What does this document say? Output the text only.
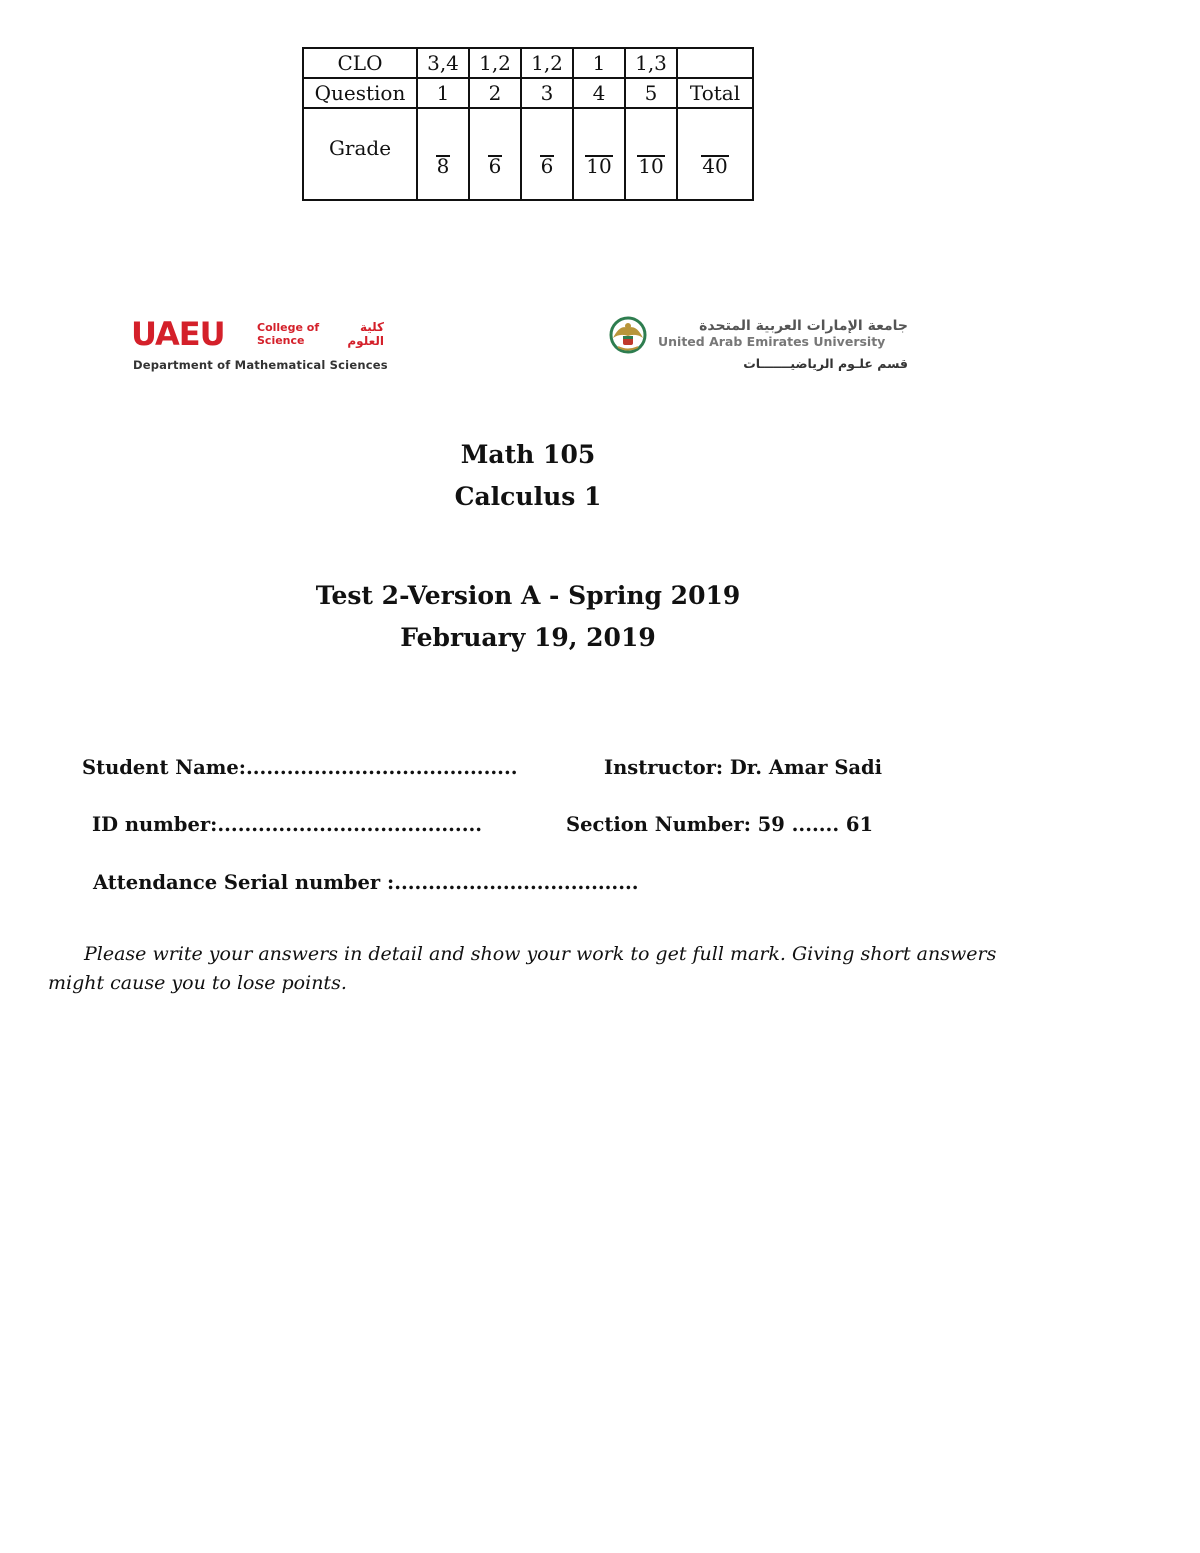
CLO	3,4	1,2	1,2	1	1,3	
Question	1	2	3	4	5	Total
Grade	8	6	6	10	10	40
UAEU	College of
Science
كلية
العلوم
Department of Mathematical Sciences
جامعة الإمارات العربية المتحدة
United Arab Emirates University
قسم علـوم الرياضيـــــــات
Math 105
Calculus 1
Test 2-Version A - Spring 2019
February 19, 2019
Student Name:........................................	Instructor: Dr. Amar Sadi
ID number:.......................................	Section Number: 59 ....... 61
Attendance Serial number :....................................
Please write your answers in detail and show your work to get full mark. Giving short answers might cause you to lose points.
